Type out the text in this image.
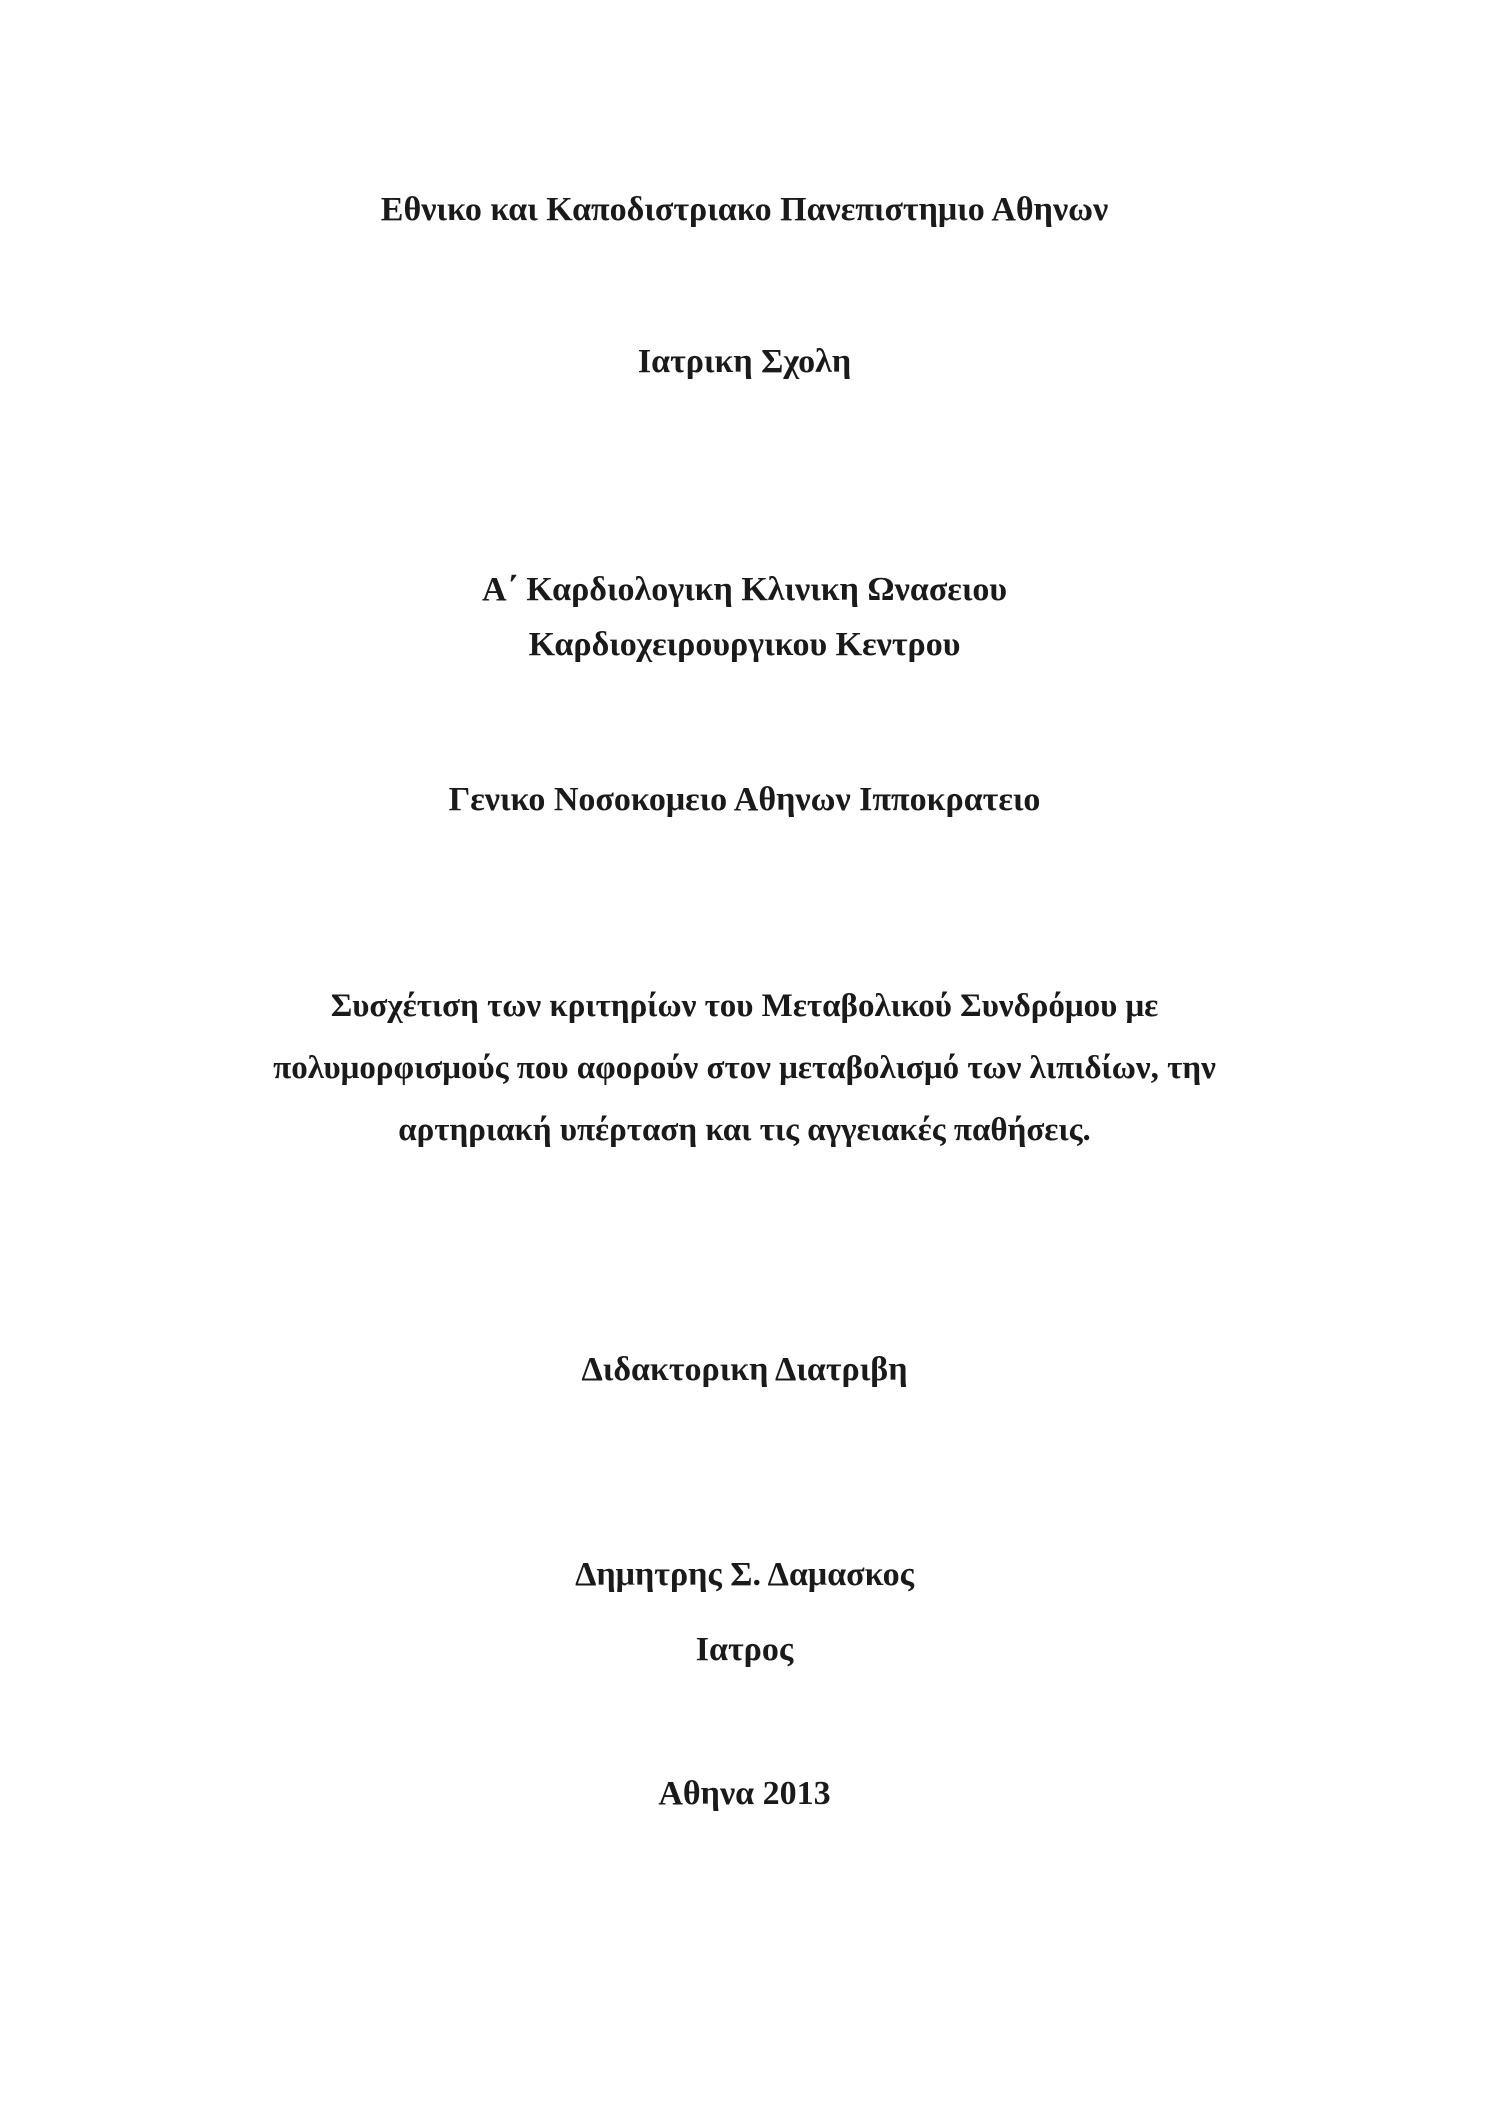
Εθνικο και Καποδιστριακο Πανεπιστημιο Αθηνων
Ιατρικη Σχολη
Α΄ Καρδιολογικη Κλινικη Ωνασειου
Καρδιοχειρουργικου Κεντρου
Γενικο Νοσοκομειο Αθηνων Ιπποκρατειο
Συσχέτιση των κριτηρίων του Μεταβολικού Συνδρόμου με
πολυμορφισμούς που αφορούν στον μεταβολισμό των λιπιδίων, την
αρτηριακή υπέρταση και τις αγγειακές παθήσεις.
Διδακτορικη Διατριβη
Δημητρης Σ. Δαμασκος
Ιατρος
Αθηνα 2013
